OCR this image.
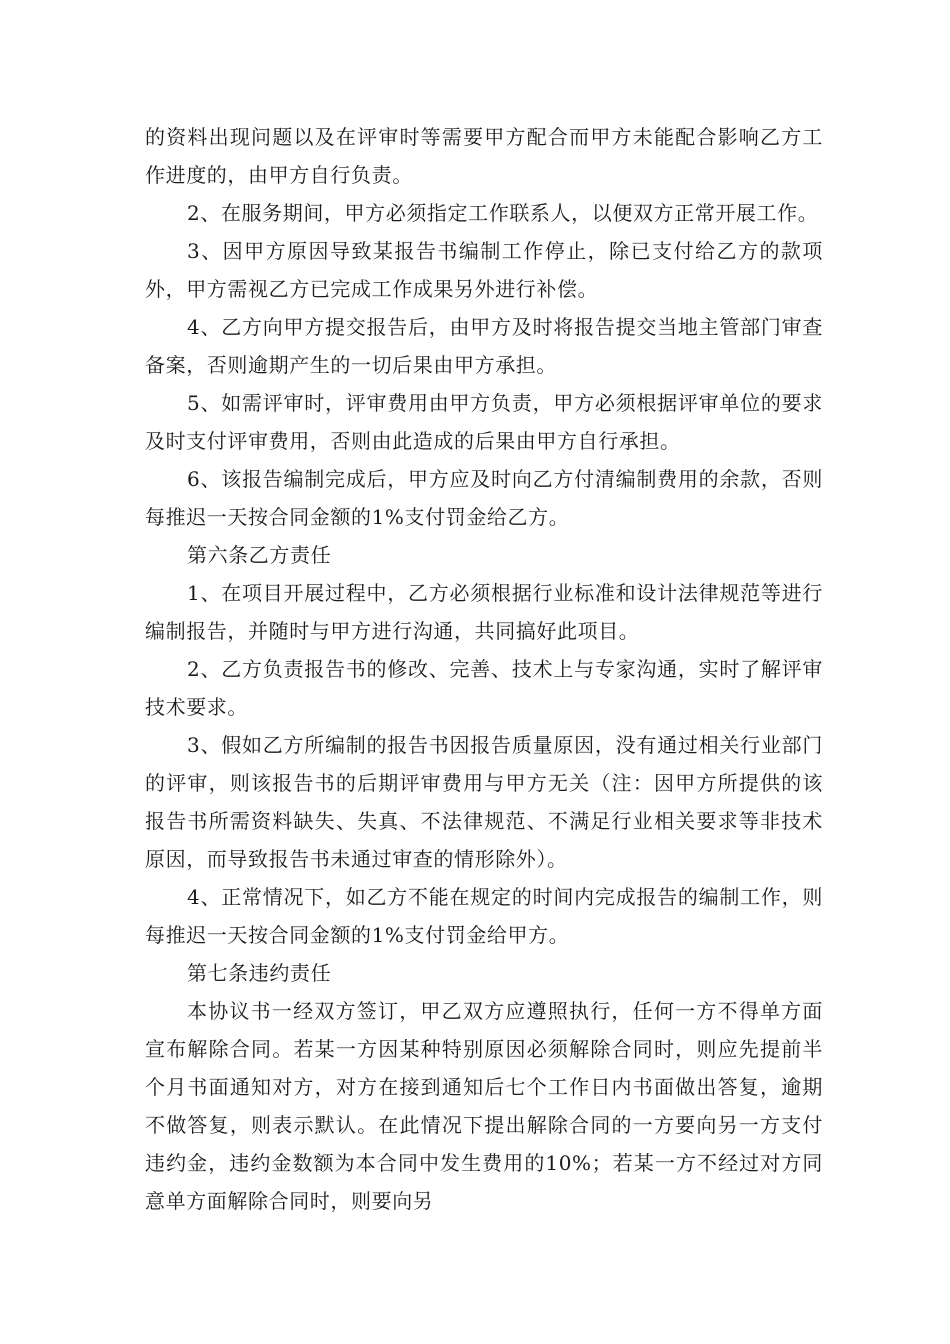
的资料出现问题以及在评审时等需要甲方配合而甲方未能配合影响乙方工作进度的，由甲方自行负责。

2、在服务期间，甲方必须指定工作联系人，以便双方正常开展工作。

3、因甲方原因导致某报告书编制工作停止，除已支付给乙方的款项外，甲方需视乙方已完成工作成果另外进行补偿。

4、乙方向甲方提交报告后，由甲方及时将报告提交当地主管部门审查备案，否则逾期产生的一切后果由甲方承担。

5、如需评审时，评审费用由甲方负责，甲方必须根据评审单位的要求及时支付评审费用，否则由此造成的后果由甲方自行承担。

6、该报告编制完成后，甲方应及时向乙方付清编制费用的余款，否则每推迟一天按合同金额的1%支付罚金给乙方。

第六条乙方责任

1、在项目开展过程中，乙方必须根据行业标准和设计法律规范等进行编制报告，并随时与甲方进行沟通，共同搞好此项目。

2、乙方负责报告书的修改、完善、技术上与专家沟通，实时了解评审技术要求。

3、假如乙方所编制的报告书因报告质量原因，没有通过相关行业部门的评审，则该报告书的后期评审费用与甲方无关（注：因甲方所提供的该报告书所需资料缺失、失真、不法律规范、不满足行业相关要求等非技术原因，而导致报告书未通过审查的情形除外）。

4、正常情况下，如乙方不能在规定的时间内完成报告的编制工作，则每推迟一天按合同金额的1%支付罚金给甲方。

第七条违约责任

本协议书一经双方签订，甲乙双方应遵照执行，任何一方不得单方面宣布解除合同。若某一方因某种特别原因必须解除合同时，则应先提前半个月书面通知对方，对方在接到通知后七个工作日内书面做出答复，逾期不做答复，则表示默认。在此情况下提出解除合同的一方要向另一方支付违约金，违约金数额为本合同中发生费用的10%；若某一方不经过对方同意单方面解除合同时，则要向另
